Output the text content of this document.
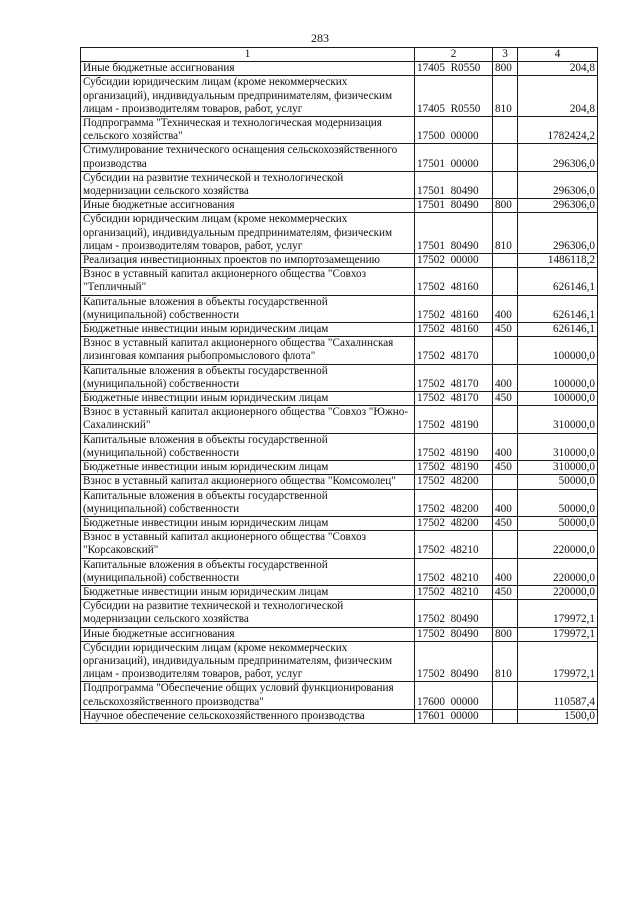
283
1	2	3	4
Иные бюджетные ассигнования	17405  R0550	800	204,8
Субсидии юридическим лицам (кроме некоммерческих организаций), индивидуальным предпринимателям, физическим лицам - производителям товаров, работ, услуг	17405  R0550	810	204,8
Подпрограмма "Техническая и технологическая модернизация сельского хозяйства"	17500  00000		1782424,2
Стимулирование технического оснащения сельскохозяйственного производства	17501  00000		296306,0
Субсидии на развитие технической и технологической модернизации сельского хозяйства	17501  80490		296306,0
Иные бюджетные ассигнования	17501  80490	800	296306,0
Субсидии юридическим лицам (кроме некоммерческих организаций), индивидуальным предпринимателям, физическим лицам - производителям товаров, работ, услуг	17501  80490	810	296306,0
Реализация инвестиционных проектов по импортозамещению	17502  00000		1486118,2
Взнос в уставный капитал акционерного общества "Совхоз "Тепличный"	17502  48160		626146,1
Капитальные вложения в объекты государственной (муниципальной) собственности	17502  48160	400	626146,1
Бюджетные инвестиции иным юридическим лицам	17502  48160	450	626146,1
Взнос в уставный капитал акционерного общества "Сахалинская лизинговая компания рыбопромыслового флота"	17502  48170		100000,0
Капитальные вложения в объекты государственной (муниципальной) собственности	17502  48170	400	100000,0
Бюджетные инвестиции иным юридическим лицам	17502  48170	450	100000,0
Взнос в уставный капитал акционерного общества "Совхоз "Южно-Сахалинский"	17502  48190		310000,0
Капитальные вложения в объекты государственной (муниципальной) собственности	17502  48190	400	310000,0
Бюджетные инвестиции иным юридическим лицам	17502  48190	450	310000,0
Взнос в уставный капитал акционерного общества "Комсомолец"	17502  48200		50000,0
Капитальные вложения в объекты государственной (муниципальной) собственности	17502  48200	400	50000,0
Бюджетные инвестиции иным юридическим лицам	17502  48200	450	50000,0
Взнос в уставный капитал акционерного общества "Совхоз "Корсаковский"	17502  48210		220000,0
Капитальные вложения в объекты государственной (муниципальной) собственности	17502  48210	400	220000,0
Бюджетные инвестиции иным юридическим лицам	17502  48210	450	220000,0
Субсидии на развитие технической и технологической модернизации сельского хозяйства	17502  80490		179972,1
Иные бюджетные ассигнования	17502  80490	800	179972,1
Субсидии юридическим лицам (кроме некоммерческих организаций), индивидуальным предпринимателям, физическим лицам - производителям товаров, работ, услуг	17502  80490	810	179972,1
Подпрограмма "Обеспечение общих условий функционирования сельскохозяйственного производства"	17600  00000		110587,4
Научное обеспечение сельскохозяйственного производства	17601  00000		1500,0
